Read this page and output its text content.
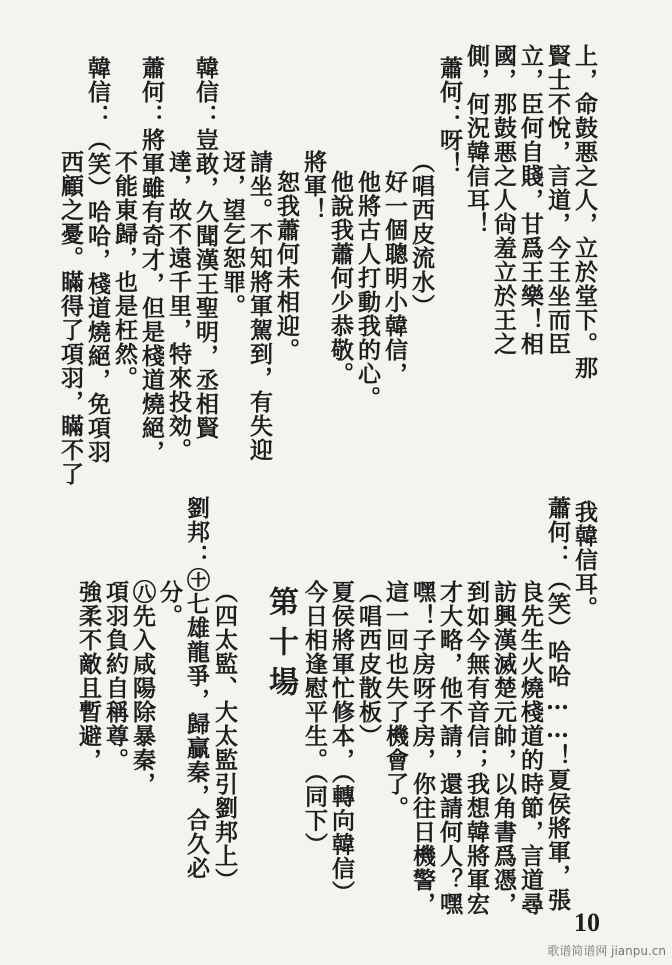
上，命鼓悪之人，立於堂下。那
賢士不悅，言道，今王坐而臣
立，臣何自賤，甘爲王樂！相
國，那鼓悪之人尙羞立於王之
側，何況韓信耳！
蕭何：呀！
（唱西皮流水）
好一個聰明小韓信，
他將古人打動我的心。
他說我蕭何少恭敬。
將軍！
恕我蕭何未相迎。
請坐。不知將軍駕到，有失迎
迓，望乞恕罪。
韓信：豈敢，久聞漢王聖明，丞相賢
達，故不遠千里，特來投効。
蕭何：將軍雖有奇才，但是棧道燒絕，
不能東歸，也是枉然。
韓信：（笑）哈哈，棧道燒絕，免項羽
西顧之憂。瞞得了項羽，瞞不了
我韓信耳。
蕭何：（笑）哈哈……！夏侯將軍，張
良先生火燒棧道的時節，言道尋
訪興漢滅楚元帥，以角書爲憑，
到如今無有音信；我想韓將軍宏
才大略，他不請，還請何人？嘿
嘿！子房呀子房，你往日機警，
這一回也失了機會了。
（唱西皮散板）
夏侯將軍忙修本，（轉向韓信）
今日相逢慰平生。（同下）
第十場
（四太監、大太監引劉邦上）
劉邦：㊉七雄龍爭，歸贏秦，合久必
分。
㊇先入咸陽除暴秦，
項羽負約自稱尊。
強柔不敵且暫避，
10
歌谱简谱网 jianpu.cn
